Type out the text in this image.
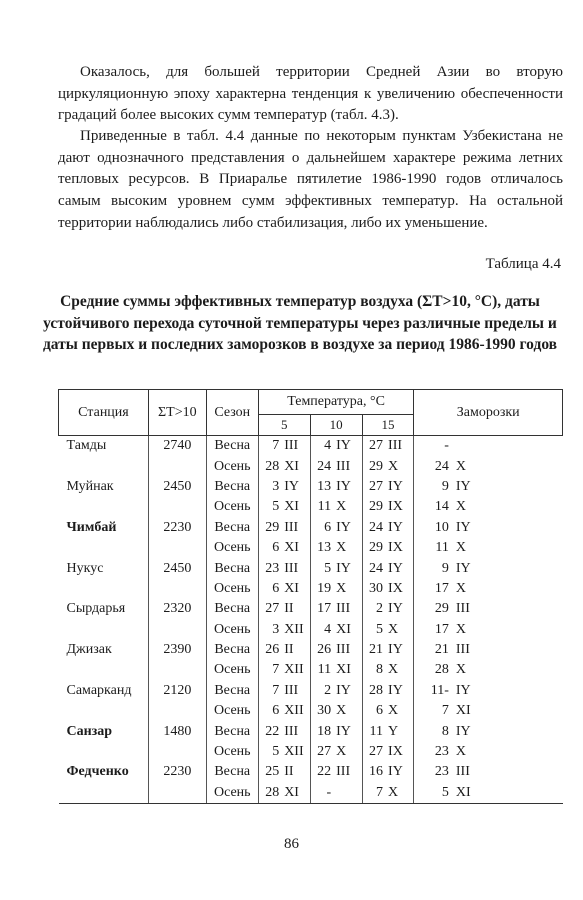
Оказалось, для большей территории Средней Азии во вторую циркуляционную эпоху характерна тенденция к увеличению обеспеченности градаций более высоких сумм температур (табл. 4.3).

Приведенные в табл. 4.4 данные по некоторым пунктам Узбекистана не дают однозначного представления о дальнейшем характере режима летних тепловых ресурсов. В Приаралье пятилетие 1986-1990 годов отличалось самым высоким уровнем сумм эффективных температур. На остальной территории наблюдались либо стабилизация, либо их уменьшение.

Таблица 4.4

Средние суммы эффективных температур воздуха (ΣT>10, °C), даты устойчивого перехода суточной температуры через различные пределы и даты первых и последних заморозков в воздухе за период 1986-1990 годов

Станция	ΣT>10	Сезон	Температура, °С						Заморозки	
			5		10		15			
Тамды	2740	Весна	7	III	4	IY	27	III	-	
		Осень	28	XI	24	III	29	X	24	X
Муйнак	2450	Весна	3	IY	13	IY	27	IY	9	IY
		Осень	5	XI	11	X	29	IX	14	X
Чимбай	2230	Весна	29	III	6	IY	24	IY	10	IY
		Осень	6	XI	13	X	29	IX	11	X
Нукус	2450	Весна	23	III	5	IY	24	IY	9	IY
		Осень	6	XI	19	X	30	IX	17	X
Сырдарья	2320	Весна	27	II	17	III	2	IY	29	III
		Осень	3	XII	4	XI	5	X	17	X
Джизак	2390	Весна	26	II	26	III	21	IY	21	III
		Осень	7	XII	11	XI	8	X	28	X
Самарканд	2120	Весна	7	III	2	IY	28	IY	11-	IY
		Осень	6	XII	30	X	6	X	7	XI
Санзар	1480	Весна	22	III	18	IY	11	Y	8	IY
		Осень	5	XII	27	X	27	IX	23	X
Федченко	2230	Весна	25	II	22	III	16	IY	23	III
		Осень	28	XI	-		7	X	5	XI
86
